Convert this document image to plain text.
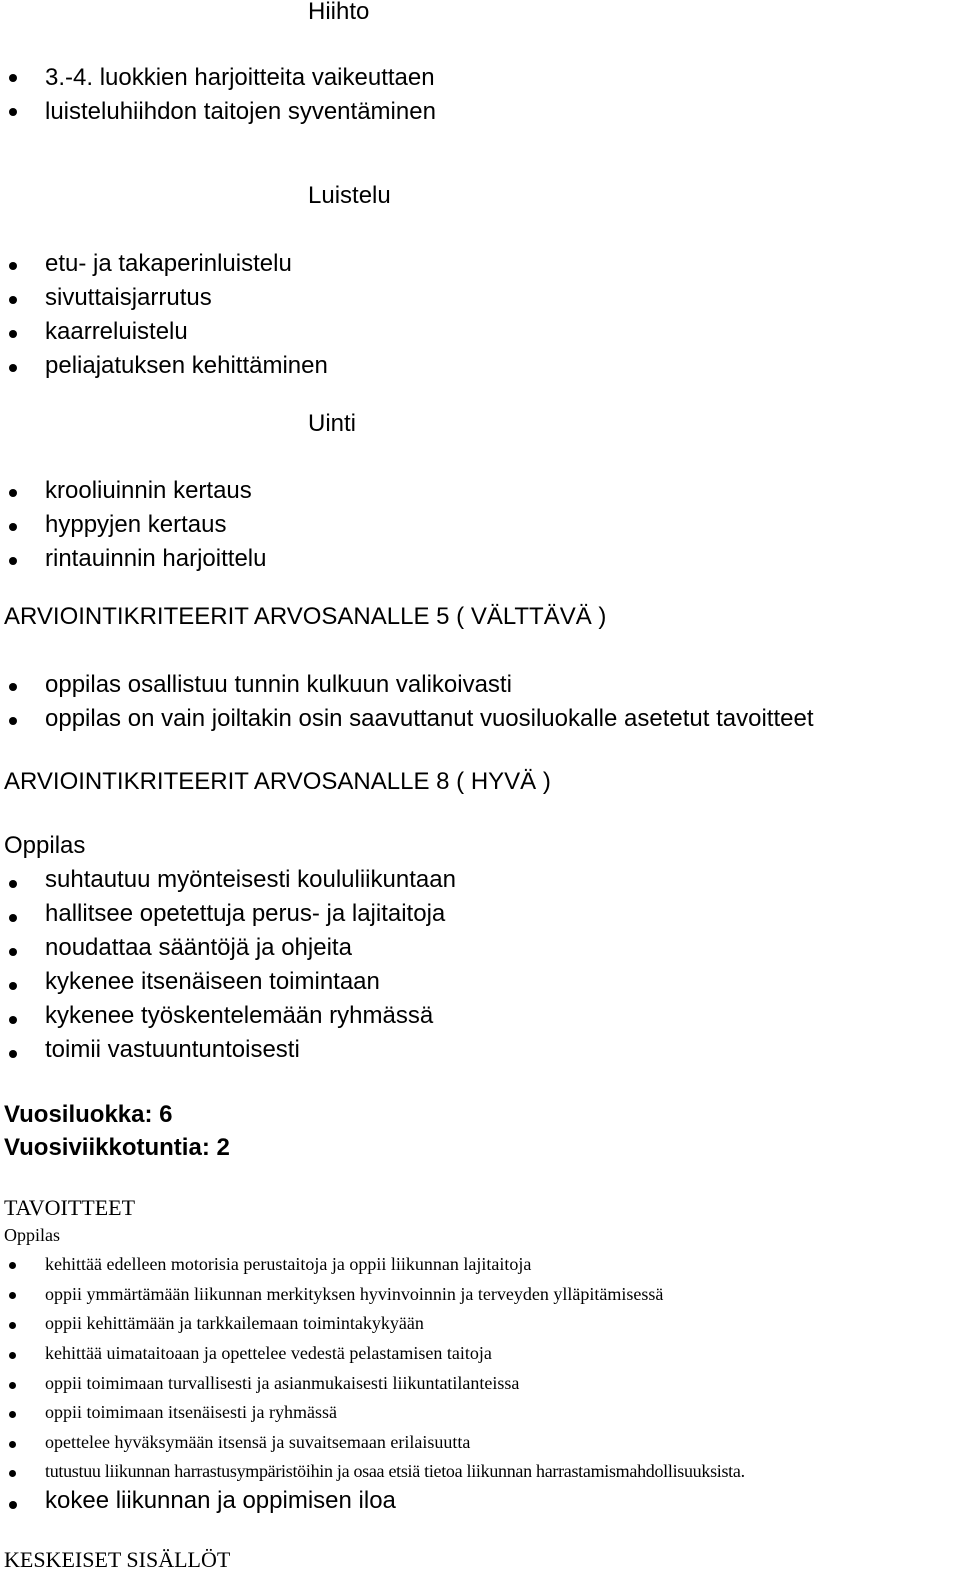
Hiihto
3.-4. luokkien harjoitteita vaikeuttaen
luisteluhiihdon taitojen syventäminen
Luistelu
etu- ja takaperinluistelu
sivuttaisjarrutus
kaarreluistelu
peliajatuksen kehittäminen
Uinti
krooliuinnin kertaus
hyppyjen kertaus
rintauinnin harjoittelu
ARVIOINTIKRITEERIT ARVOSANALLE 5 ( VÄLTTÄVÄ )
oppilas osallistuu tunnin kulkuun valikoivasti
oppilas on vain joiltakin osin saavuttanut vuosiluokalle asetetut tavoitteet
ARVIOINTIKRITEERIT ARVOSANALLE 8 ( HYVÄ )
Oppilas
suhtautuu myönteisesti koululiikuntaan
hallitsee opetettuja perus- ja lajitaitoja
noudattaa sääntöjä ja ohjeita
kykenee itsenäiseen toimintaan
kykenee työskentelemään ryhmässä
toimii vastuuntuntoisesti
Vuosiluokka: 6
Vuosiviikkotuntia: 2
TAVOITTEET
Oppilas
kehittää edelleen motorisia perustaitoja ja oppii liikunnan lajitaitoja
oppii ymmärtämään liikunnan merkityksen hyvinvoinnin ja terveyden ylläpitämisessä
oppii kehittämään ja tarkkailemaan toimintakykyään
kehittää uimataitoaan ja opettelee vedestä pelastamisen taitoja
oppii toimimaan turvallisesti ja asianmukaisesti liikuntatilanteissa
oppii toimimaan itsenäisesti ja ryhmässä
opettelee hyväksymään itsensä ja suvaitsemaan erilaisuutta
tutustuu liikunnan harrastusympäristöihin ja osaa etsiä tietoa liikunnan harrastamismahdollisuuksista.
kokee liikunnan ja oppimisen iloa
KESKEISET SISÄLLÖT
